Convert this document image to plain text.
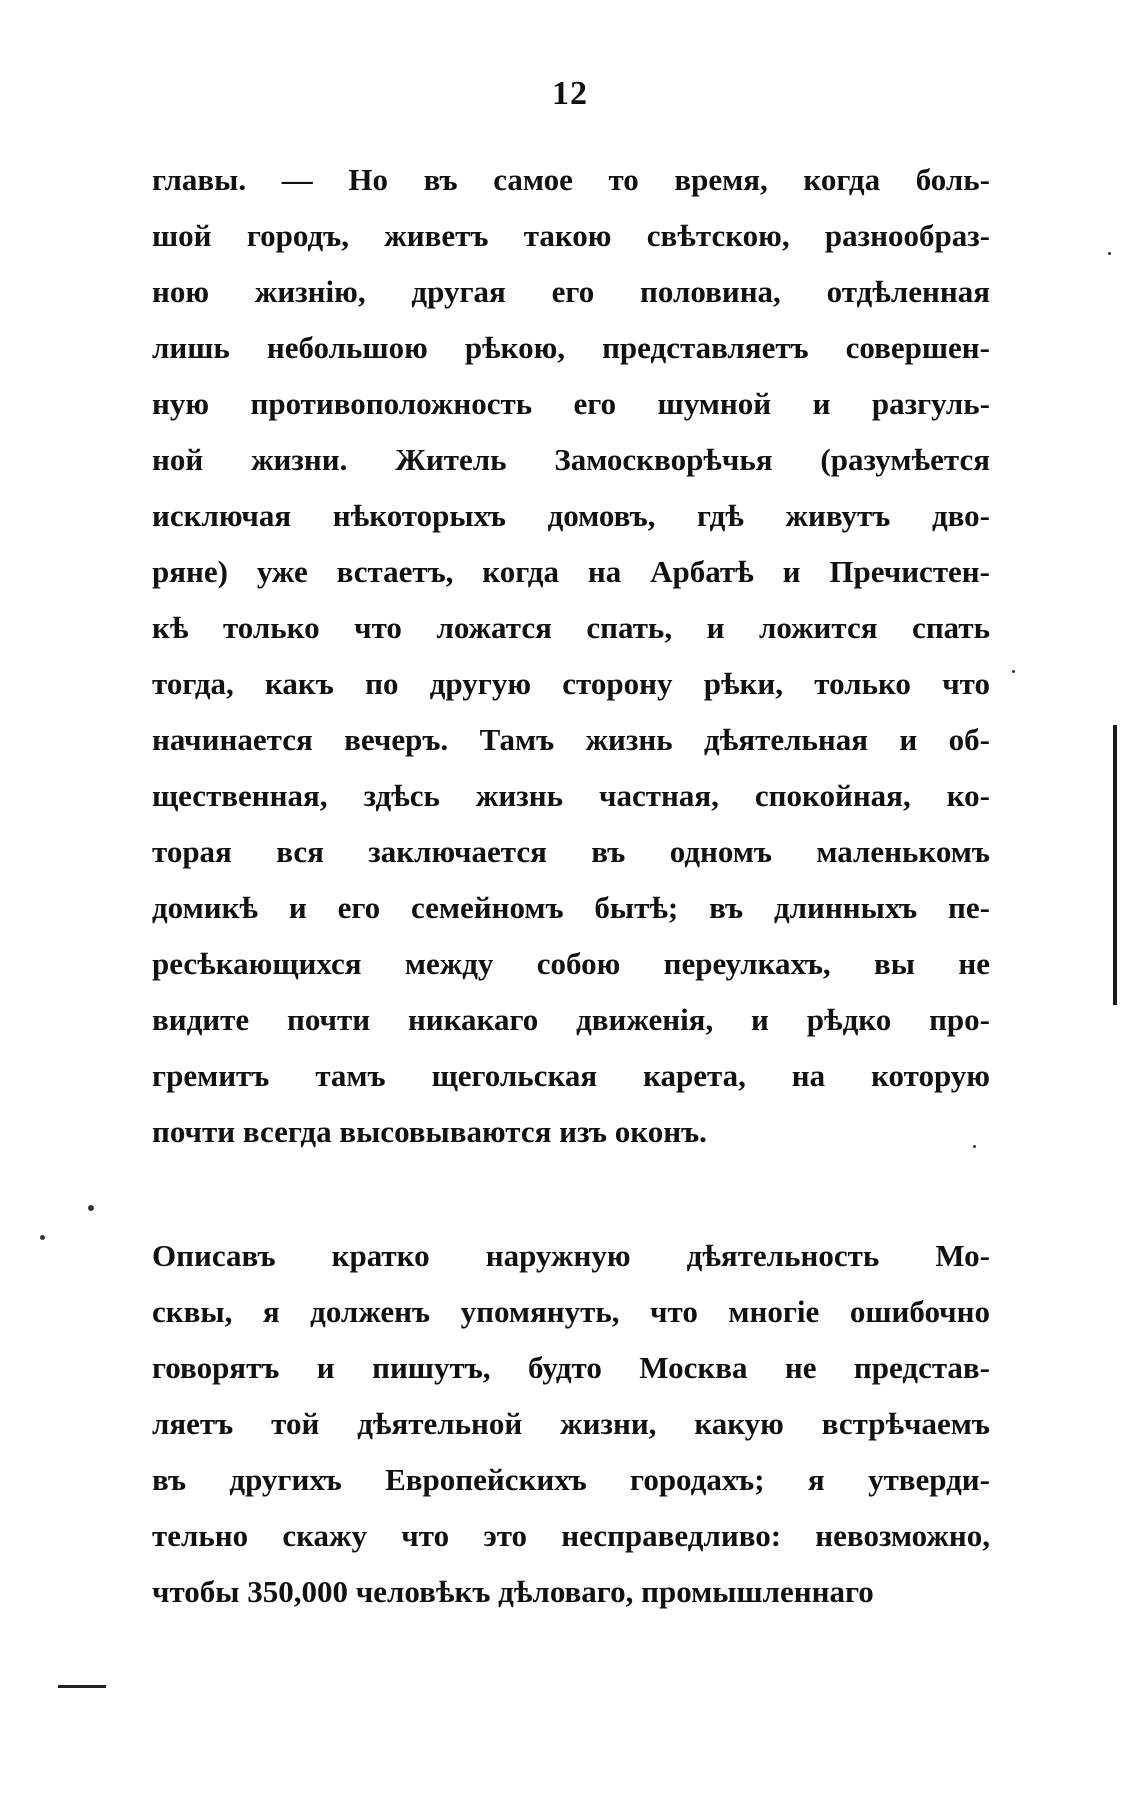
12
главы. — Но въ самое то время, когда боль-
шой городъ, живетъ такою свѣтскою, разнообраз-
ною жизнію, другая его половина, отдѣленная
лишь небольшою рѣкою, представляетъ совершен-
ную противоположность его шумной и разгуль-
ной жизни. Житель Замоскворѣчья (разумѣется
исключая нѣкоторыхъ домовъ, гдѣ живутъ дво-
ряне) уже встаетъ, когда на Арбатѣ и Пречистен-
кѣ только что ложатся спать, и ложится спать
тогда, какъ по другую сторону рѣки, только что
начинается вечеръ. Тамъ жизнь дѣятельная и об-
щественная, здѣсь жизнь частная, спокойная, ко-
торая вся заключается въ одномъ маленькомъ
домикѣ и его семейномъ бытѣ; въ длинныхъ пе-
ресѣкающихся между собою переулкахъ, вы не
видите почти никакаго движенія, и рѣдко про-
гремитъ тамъ щегольская карета, на которую
почти всегда высовываются изъ оконъ.
Описавъ кратко наружную дѣятельность Мо-
сквы, я долженъ упомянуть, что многіе ошибочно
говорятъ и пишутъ, будто Москва не представ-
ляетъ той дѣятельной жизни, какую встрѣчаемъ
въ другихъ Европейскихъ городахъ; я утверди-
тельно скажу что это несправедливо: невозможно,
чтобы 350,000 человѣкъ дѣловаго, промышленнаго
